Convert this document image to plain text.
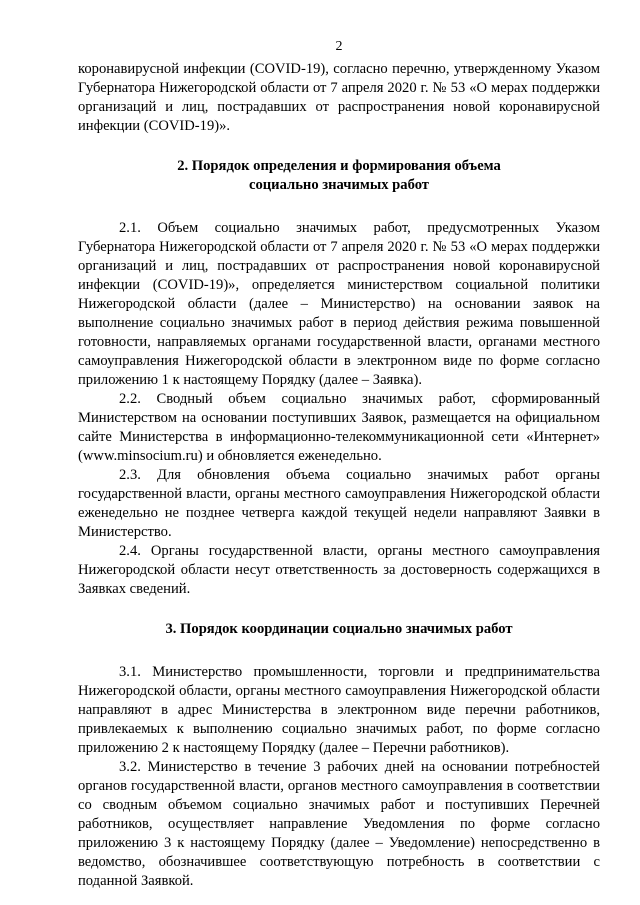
2

коронавирусной инфекции (COVID-19), согласно перечню, утвержденному Указом Губернатора Нижегородской области от 7 апреля 2020 г. № 53 «О мерах поддержки организаций и лиц, пострадавших от распространения новой коронавирусной инфекции (COVID-19)».

2. Порядок определения и формирования объема
социально значимых работ

2.1. Объем социально значимых работ, предусмотренных Указом Губернатора Нижегородской области от 7 апреля 2020 г. № 53 «О мерах поддержки организаций и лиц, пострадавших от распространения новой коронавирусной инфекции (COVID-19)», определяется министерством социальной политики Нижегородской области (далее – Министерство) на основании заявок на выполнение социально значимых работ в период действия режима повышенной готовности, направляемых органами государственной власти, органами местного самоуправления Нижегородской области в электронном виде по форме согласно приложению 1 к настоящему Порядку (далее – Заявка).

2.2. Сводный объем социально значимых работ, сформированный Министерством на основании поступивших Заявок, размещается на официальном сайте Министерства в информационно-телекоммуникационной сети «Интернет» (www.minsocium.ru) и обновляется еженедельно.

2.3. Для обновления объема социально значимых работ органы государственной власти, органы местного самоуправления Нижегородской области еженедельно не позднее четверга каждой текущей недели направляют Заявки в Министерство.

2.4. Органы государственной власти, органы местного самоуправления Нижегородской области несут ответственность за достоверность содержащихся в Заявках сведений.

3. Порядок координации социально значимых работ

3.1. Министерство промышленности, торговли и предпринимательства Нижегородской области, органы местного самоуправления Нижегородской области направляют в адрес Министерства в электронном виде перечни работников, привлекаемых к выполнению социально значимых работ, по форме согласно приложению 2 к настоящему Порядку (далее – Перечни работников).

3.2. Министерство в течение 3 рабочих дней на основании потребностей органов государственной власти, органов местного самоуправления в соответствии со сводным объемом социально значимых работ и поступивших Перечней работников, осуществляет направление Уведомления по форме согласно приложению 3 к настоящему Порядку (далее – Уведомление) непосредственно в ведомство, обозначившее соответствующую потребность в соответствии с поданной Заявкой.
